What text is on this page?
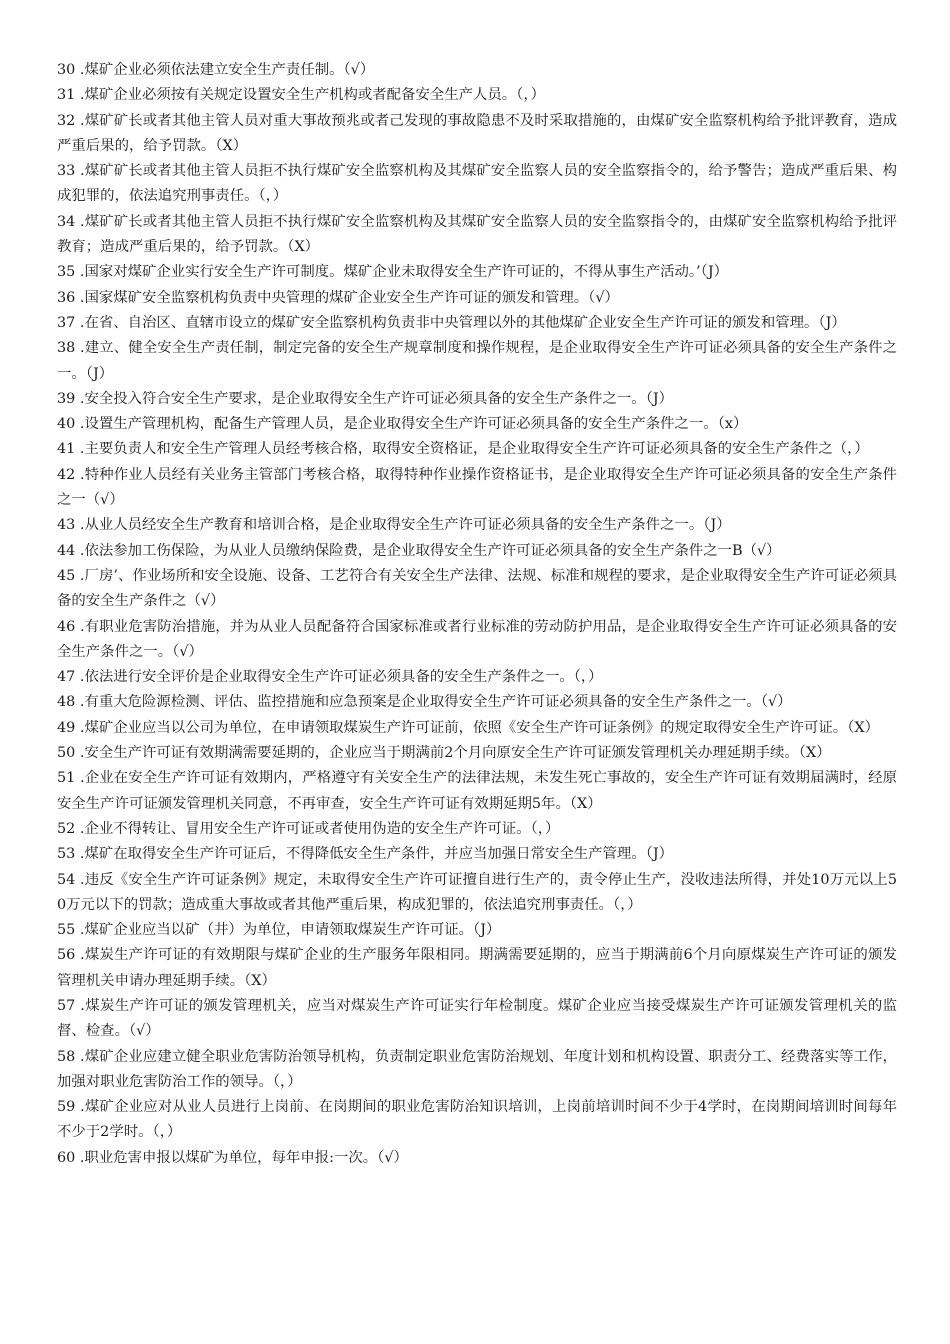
30 .煤矿企业必须依法建立安全生产责任制。（√）

31 .煤矿企业必须按有关规定设置安全生产机构或者配备安全生产人员。（，）

32 .煤矿矿长或者其他主管人员对重大事故预兆或者己发现的事故隐患不及时采取措施的，由煤矿安全监察机构给予批评教育，造成严重后果的，给予罚款。（X）

33 .煤矿矿长或者其他主管人员拒不执行煤矿安全监察机构及其煤矿安全监察人员的安全监察指令的，给予警告；造成严重后果、构成犯罪的，依法追究刑事责任。（，）

34 .煤矿矿长或者其他主管人员拒不执行煤矿安全监察机构及其煤矿安全监察人员的安全监察指令的，由煤矿安全监察机构给予批评教育；造成严重后果的，给予罚款。（X）

35 .国家对煤矿企业实行安全生产许可制度。煤矿企业未取得安全生产许可证的，不得从事生产活动。’（J）

36 .国家煤矿安全监察机构负责中央管理的煤矿企业安全生产许可证的颁发和管理。（√）

37 .在省、自治区、直辖市设立的煤矿安全监察机构负责非中央管理以外的其他煤矿企业安全生产许可证的颁发和管理。（J）

38 .建立、健全安全生产责任制，制定完备的安全生产规章制度和操作规程，是企业取得安全生产许可证必须具备的安全生产条件之一。（J）

39 .安全投入符合安全生产要求，是企业取得安全生产许可证必须具备的安全生产条件之一。（J）

40 .设置生产管理机构，配备生产管理人员，是企业取得安全生产许可证必须具备的安全生产条件之一。（x）

41 .主要负责人和安全生产管理人员经考核合格，取得安全资格证，是企业取得安全生产许可证必须具备的安全生产条件之（，）

42 .特种作业人员经有关业务主管部门考核合格，取得特种作业操作资格证书，是企业取得安全生产许可证必须具备的安全生产条件之一（√）

43 .从业人员经安全生产教育和培训合格，是企业取得安全生产许可证必须具备的安全生产条件之一。（J）

44 .依法参加工伤保险，为从业人员缴纳保险费，是企业取得安全生产许可证必须具备的安全生产条件之一B（√）

45 .厂房’、作业场所和安全设施、设备、工艺符合有关安全生产法律、法规、标准和规程的要求，是企业取得安全生产许可证必须具备的安全生产条件之（√）

46 .有职业危害防治措施，并为从业人员配备符合国家标准或者行业标准的劳动防护用品，是企业取得安全生产许可证必须具备的安全生产条件之一。（√）

47 .依法进行安全评价是企业取得安全生产许可证必须具备的安全生产条件之一。（，）

48 .有重大危险源检测、评估、监控措施和应急预案是企业取得安全生产许可证必须具备的安全生产条件之一。（√）

49 .煤矿企业应当以公司为单位，在申请领取煤炭生产许可证前，依照《安全生产许可证条例》的规定取得安全生产许可证。（X）

50 .安全生产许可证有效期满需要延期的，企业应当于期满前2个月向原安全生产许可证颁发管理机关办理延期手续。（X）

51 .企业在安全生产许可证有效期内，严格遵守有关安全生产的法律法规，未发生死亡事故的，安全生产许可证有效期届满时，经原安全生产许可证颁发管理机关同意，不再审查，安全生产许可证有效期延期5年。（X）

52 .企业不得转让、冒用安全生产许可证或者使用伪造的安全生产许可证。（，）

53 .煤矿在取得安全生产许可证后，不得降低安全生产条件，并应当加强日常安全生产管理。（J）

54 .违反《安全生产许可证条例》规定，未取得安全生产许可证擅自进行生产的，责令停止生产，没收违法所得，并处10万元以上50万元以下的罚款；造成重大事故或者其他严重后果，构成犯罪的，依法追究刑事责任。（，）

55 .煤矿企业应当以矿（井）为单位，申请领取煤炭生产许可证。（J）

56 .煤炭生产许可证的有效期限与煤矿企业的生产服务年限相同。期满需要延期的，应当于期满前6个月向原煤炭生产许可证的颁发管理机关申请办理延期手续。（X）

57 .煤炭生产许可证的颁发管理机关，应当对煤炭生产许可证实行年检制度。煤矿企业应当接受煤炭生产许可证颁发管理机关的监督、检查。（√）

58 .煤矿企业应建立健全职业危害防治领导机构，负责制定职业危害防治规划、年度计划和机构设置、职责分工、经费落实等工作，加强对职业危害防治工作的领导。（，）

59 .煤矿企业应对从业人员进行上岗前、在岗期间的职业危害防治知识培训，上岗前培训时间不少于4学时，在岗期间培训时间每年不少于2学时。（，）

60 .职业危害申报以煤矿为单位，每年申报:一次。（√）
